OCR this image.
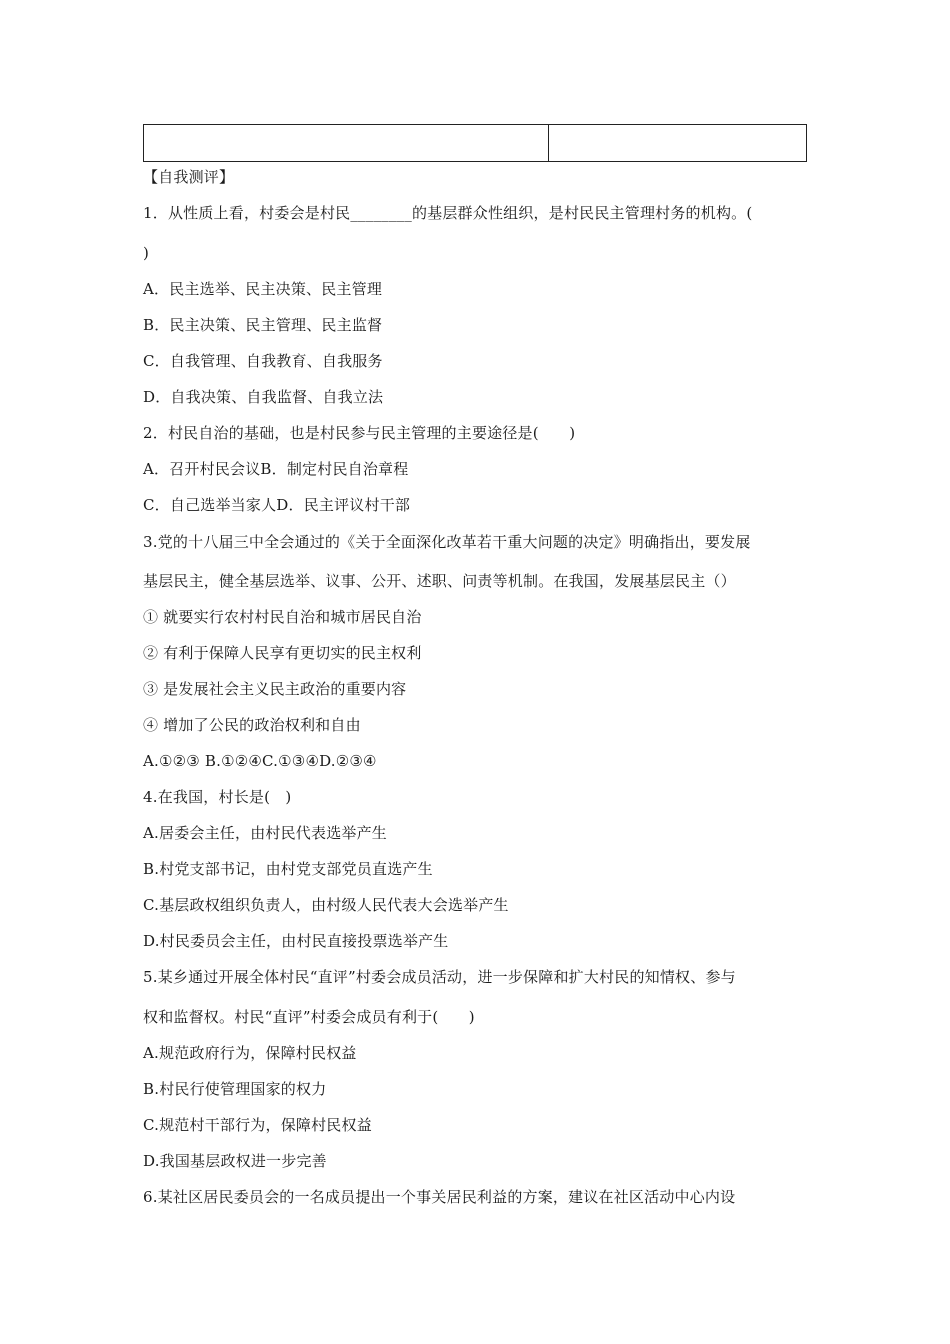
【自我测评】
1．从性质上看，村委会是村民________的基层群众性组织，是村民民主管理村务的机构。(
)
A．民主选举、民主决策、民主管理
B．民主决策、民主管理、民主监督
C．自我管理、自我教育、自我服务
D．自我决策、自我监督、自我立法
2．村民自治的基础，也是村民参与民主管理的主要途径是(　　)
A．召开村民会议B．制定村民自治章程
C．自己选举当家人D．民主评议村干部
3.党的十八届三中全会通过的《关于全面深化改革若干重大问题的决定》明确指出，要发展
基层民主，健全基层选举、议事、公开、述职、问责等机制。在我国，发展基层民主（）
① 就要实行农村村民自治和城市居民自治
② 有利于保障人民享有更切实的民主权利
③ 是发展社会主义民主政治的重要内容
④ 增加了公民的政治权利和自由
A.①②③ B.①②④C.①③④D.②③④
4.在我国，村长是(　)
A.居委会主任，由村民代表选举产生
B.村党支部书记，由村党支部党员直选产生
C.基层政权组织负责人，由村级人民代表大会选举产生
D.村民委员会主任，由村民直接投票选举产生
5.某乡通过开展全体村民“直评”村委会成员活动，进一步保障和扩大村民的知情权、参与
权和监督权。村民“直评”村委会成员有利于(　　)
A.规范政府行为，保障村民权益
B.村民行使管理国家的权力
C.规范村干部行为，保障村民权益
D.我国基层政权进一步完善
6.某社区居民委员会的一名成员提出一个事关居民利益的方案，建议在社区活动中心内设
